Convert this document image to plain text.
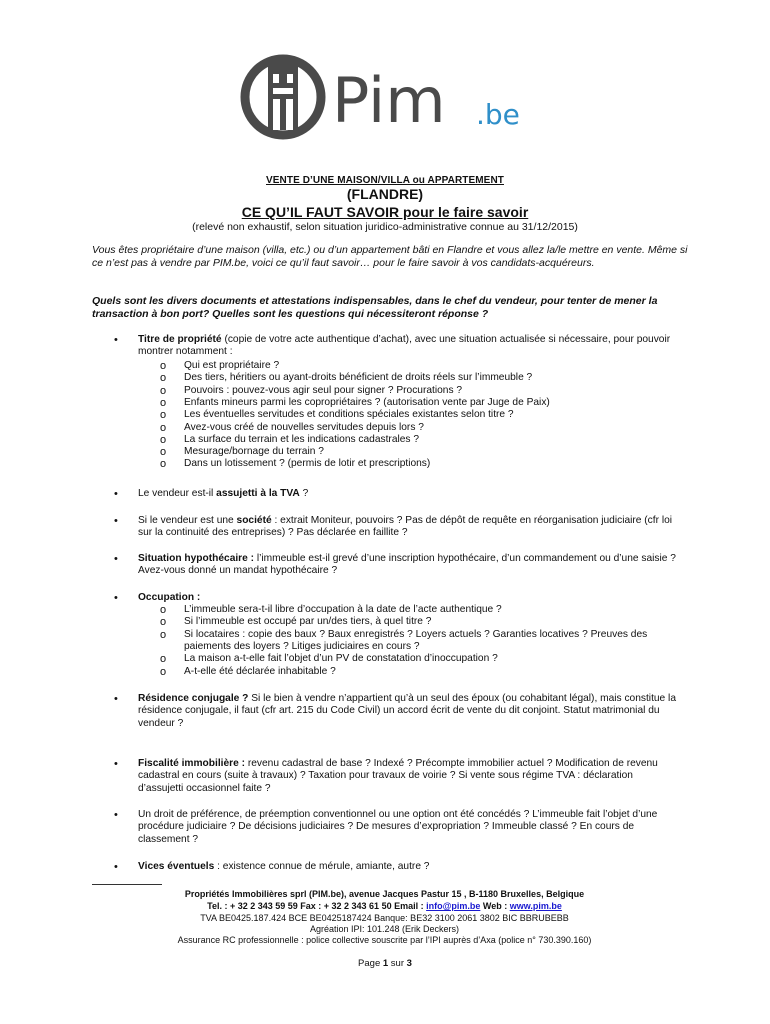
Pim .be
VENTE D’UNE MAISON/VILLA ou APPARTEMENT
(FLANDRE)
CE QU’IL FAUT SAVOIR pour le faire savoir
(relevé non exhaustif, selon situation juridico-administrative connue au 31/12/2015)
Vous êtes propriétaire d’une maison (villa, etc.) ou d’un appartement bâti en Flandre et vous allez la/le mettre en vente. Même si ce n’est pas à vendre par PIM.be, voici ce qu’il faut savoir… pour le faire savoir à vos candidats-acquéreurs.
Quels sont les divers documents et attestations indispensables, dans le chef du vendeur, pour tenter de mener la transaction à bon port? Quelles sont les questions qui nécessiteront réponse ?
• Titre de propriété (copie de votre acte authentique d’achat), avec une situation actualisée si nécessaire, pour pouvoir montrer notamment :
o Qui est propriétaire ?
o Des tiers, héritiers ou ayant-droits bénéficient de droits réels sur l’immeuble ?
o Pouvoirs : pouvez-vous agir seul pour signer ? Procurations ?
o Enfants mineurs parmi les copropriétaires ? (autorisation vente par Juge de Paix)
o Les éventuelles servitudes et conditions spéciales existantes selon titre ?
o Avez-vous créé de nouvelles servitudes depuis lors ?
o La surface du terrain et les indications cadastrales ?
o Mesurage/bornage du terrain ?
o Dans un lotissement ? (permis de lotir et prescriptions)
• Le vendeur est-il assujetti à la TVA ?
• Si le vendeur est une société : extrait Moniteur, pouvoirs ? Pas de dépôt de requête en réorganisation judiciaire (cfr loi sur la continuité des entreprises) ? Pas déclarée en faillite ?
• Situation hypothécaire : l’immeuble est-il grevé d’une inscription hypothécaire, d’un commandement ou d’une saisie ? Avez-vous donné un mandat hypothécaire ?
• Occupation :
o L’immeuble sera-t-il libre d’occupation à la date de l’acte authentique ?
o Si l’immeuble est occupé par un/des tiers, à quel titre ?
o Si locataires : copie des baux ? Baux enregistrés ? Loyers actuels ? Garanties locatives ? Preuves des paiements des loyers ? Litiges judiciaires en cours ?
o La maison a-t-elle fait l’objet d’un PV de constatation d’inoccupation ?
o A-t-elle été déclarée inhabitable ?
• Résidence conjugale ? Si le bien à vendre n’appartient qu’à un seul des époux (ou cohabitant légal), mais constitue la résidence conjugale, il faut (cfr art. 215 du Code Civil) un accord écrit de vente du dit conjoint. Statut matrimonial du vendeur ?
• Fiscalité immobilière : revenu cadastral de base ? Indexé ? Précompte immobilier actuel ? Modification de revenu cadastral en cours (suite à travaux) ? Taxation pour travaux de voirie ? Si vente sous régime TVA : déclaration d’assujetti occasionnel faite ?
• Un droit de préférence, de préemption conventionnel ou une option ont été concédés ? L’immeuble fait l’objet d’une procédure judiciaire ? De décisions judiciaires ? De mesures d’expropriation ? Immeuble classé ? En cours de classement ?
• Vices éventuels : existence connue de mérule, amiante, autre ?
Propriétés Immobilières sprl (PIM.be), avenue Jacques Pastur 15 , B-1180 Bruxelles, Belgique
Tel. : + 32 2 343 59 59 Fax : + 32 2 343 61 50 Email : info@pim.be Web : www.pim.be
TVA BE0425.187.424 BCE BE0425187424 Banque: BE32 3100 2061 3802 BIC BBRUBEBB
Agréation IPI: 101.248 (Erik Deckers)
Assurance RC professionnelle : police collective souscrite par l’IPI auprès d’Axa (police n° 730.390.160)
Page 1 sur 3
